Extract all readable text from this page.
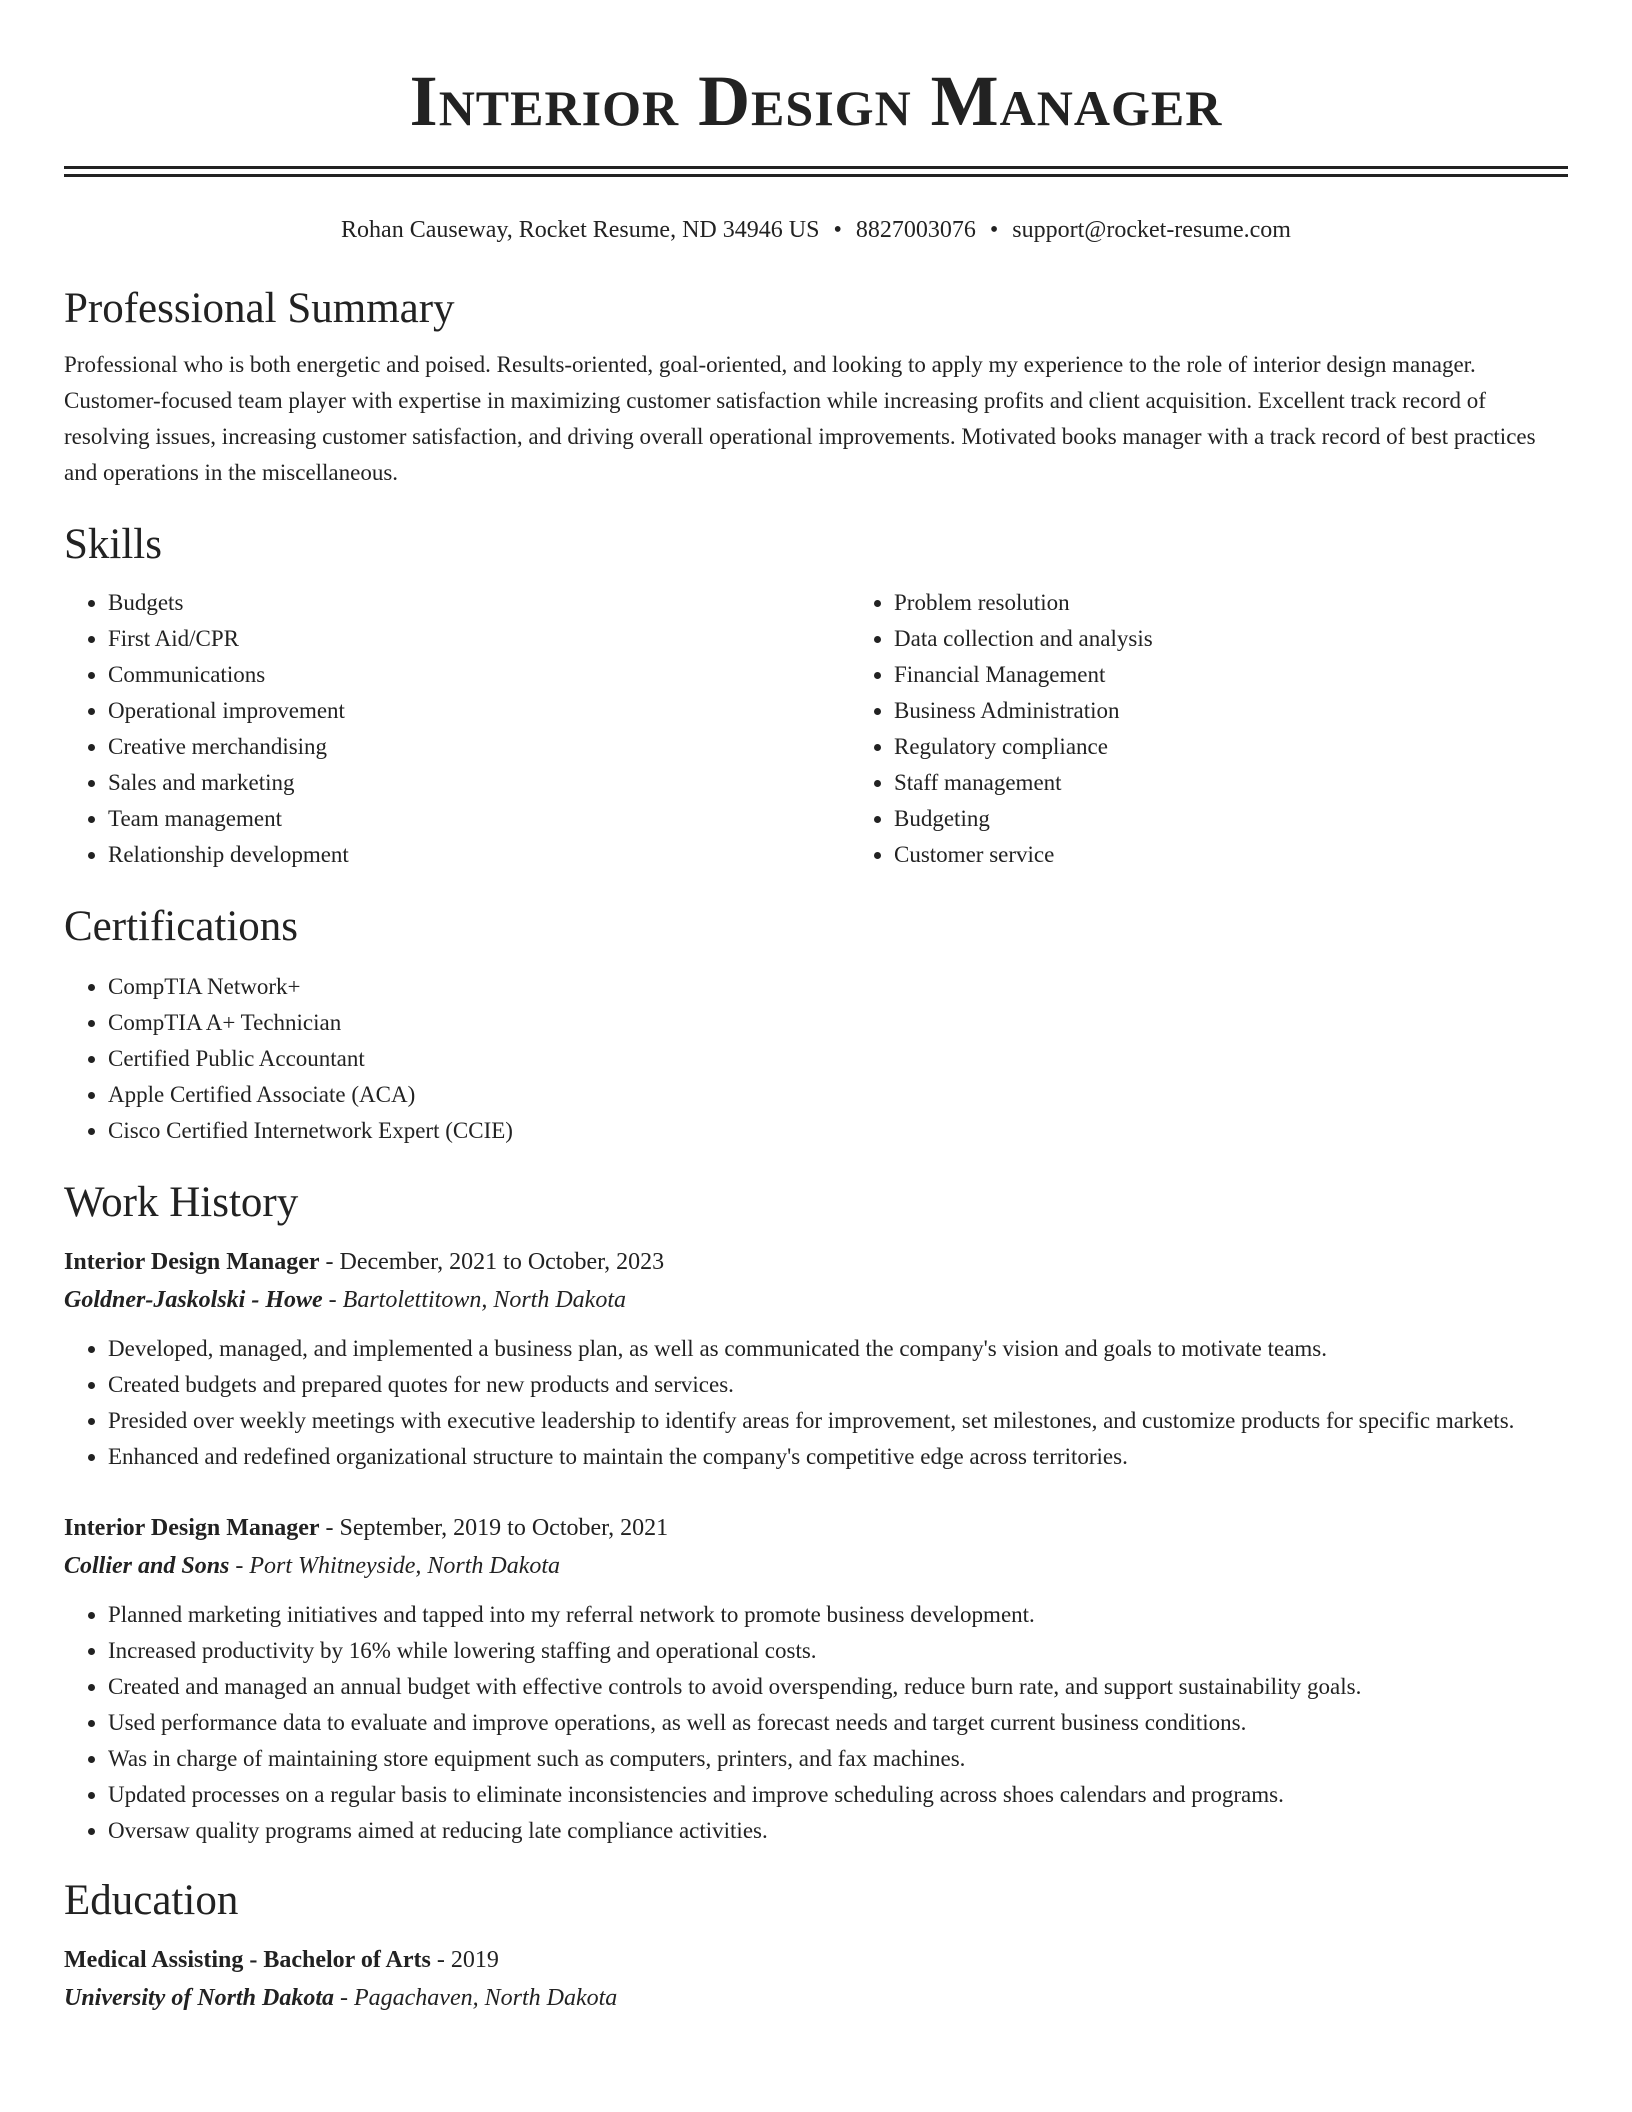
Interior Design Manager
Rohan Causeway, Rocket Resume, ND 34946 US • 8827003076 • support@rocket-resume.com
Professional Summary

Professional who is both energetic and poised. Results-oriented, goal-oriented, and looking to apply my experience to the role of interior design manager. Customer-focused team player with expertise in maximizing customer satisfaction while increasing profits and client acquisition. Excellent track record of resolving issues, increasing customer satisfaction, and driving overall operational improvements. Motivated books manager with a track record of best practices and operations in the miscellaneous.

Skills
• Budgets
• First Aid/CPR
• Communications
• Operational improvement
• Creative merchandising
• Sales and marketing
• Team management
• Relationship development
• Problem resolution
• Data collection and analysis
• Financial Management
• Business Administration
• Regulatory compliance
• Staff management
• Budgeting
• Customer service
Certifications
• CompTIA Network+
• CompTIA A+ Technician
• Certified Public Accountant
• Apple Certified Associate (ACA)
• Cisco Certified Internetwork Expert (CCIE)
Work History
Interior Design Manager - December, 2021 to October, 2023
Goldner-Jaskolski - Howe - Bartolettitown, North Dakota
• Developed, managed, and implemented a business plan, as well as communicated the company's vision and goals to motivate teams.
• Created budgets and prepared quotes for new products and services.
• Presided over weekly meetings with executive leadership to identify areas for improvement, set milestones, and customize products for specific markets.
• Enhanced and redefined organizational structure to maintain the company's competitive edge across territories.
Interior Design Manager - September, 2019 to October, 2021
Collier and Sons - Port Whitneyside, North Dakota
• Planned marketing initiatives and tapped into my referral network to promote business development.
• Increased productivity by 16% while lowering staffing and operational costs.
• Created and managed an annual budget with effective controls to avoid overspending, reduce burn rate, and support sustainability goals.
• Used performance data to evaluate and improve operations, as well as forecast needs and target current business conditions.
• Was in charge of maintaining store equipment such as computers, printers, and fax machines.
• Updated processes on a regular basis to eliminate inconsistencies and improve scheduling across shoes calendars and programs.
• Oversaw quality programs aimed at reducing late compliance activities.
Education
Medical Assisting - Bachelor of Arts - 2019
University of North Dakota - Pagachaven, North Dakota
